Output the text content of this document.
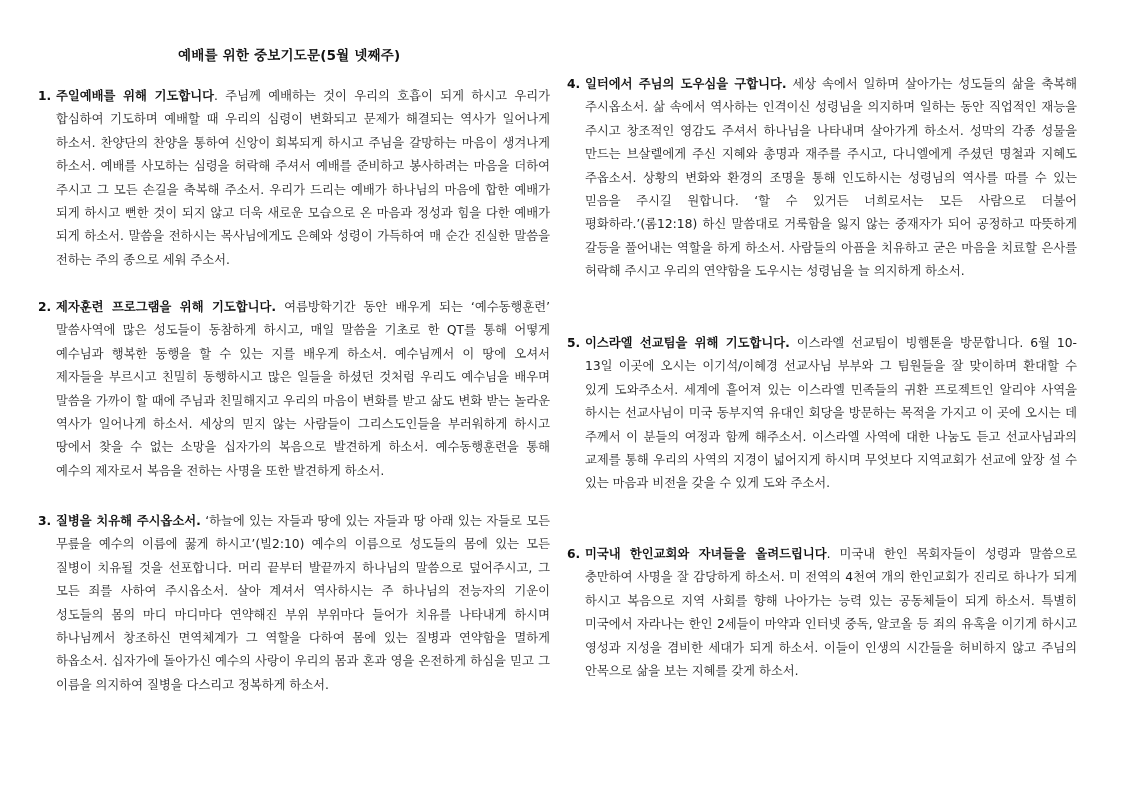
예배를 위한 중보기도문(5월 넷째주)
1. 주일예배를 위해 기도합니다. 주님께 예배하는 것이 우리의 호흡이 되게 하시고 우리가 합심하여 기도하며 예배할 때 우리의 심령이 변화되고 문제가 해결되는 역사가 일어나게 하소서. 찬양단의 찬양을 통하여 신앙이 회복되게 하시고 주님을 갈망하는 마음이 생겨나게 하소서. 예배를 사모하는 심령을 허락해 주셔서 예배를 준비하고 봉사하려는 마음을 더하여 주시고 그 모든 손길을 축복해 주소서. 우리가 드리는 예배가 하나님의 마음에 합한 예배가 되게 하시고 뻔한 것이 되지 않고 더욱 새로운 모습으로 온 마음과 정성과 힘을 다한 예배가 되게 하소서. 말씀을 전하시는 목사님에게도 은혜와 성령이 가득하여 매 순간 진실한 말씀을 전하는 주의 종으로 세워 주소서.
2. 제자훈련 프로그램을 위해 기도합니다. 여름방학기간 동안 배우게 되는 ‘예수동행훈련’ 말씀사역에 많은 성도들이 동참하게 하시고, 매일 말씀을 기초로 한 QT를 통해 어떻게 예수님과 행복한 동행을 할 수 있는 지를 배우게 하소서. 예수님께서 이 땅에 오셔서 제자들을 부르시고 친밀히 동행하시고 많은 일들을 하셨던 것처럼 우리도 예수님을 배우며 말씀을 가까이 할 때에 주님과 친밀해지고 우리의 마음이 변화를 받고 삶도 변화 받는 놀라운 역사가 일어나게 하소서. 세상의 믿지 않는 사람들이 그리스도인들을 부러워하게 하시고 땅에서 찾을 수 없는 소망을 십자가의 복음으로 발견하게 하소서. 예수동행훈련을 통해 예수의 제자로서 복음을 전하는 사명을 또한 발견하게 하소서.
3. 질병을 치유해 주시옵소서. ‘하늘에 있는 자들과 땅에 있는 자들과 땅 아래 있는 자들로 모든 무릎을 예수의 이름에 꿇게 하시고’(빌2:10) 예수의 이름으로 성도들의 몸에 있는 모든 질병이 치유될 것을 선포합니다. 머리 끝부터 발끝까지 하나님의 말씀으로 덮어주시고, 그 모든 죄를 사하여 주시옵소서. 살아 계셔서 역사하시는 주 하나님의 전능자의 기운이 성도들의 몸의 마디 마디마다 연약해진 부위 부위마다 들어가 치유를 나타내게 하시며 하나님께서 창조하신 면역체계가 그 역할을 다하여 몸에 있는 질병과 연약함을 멸하게 하옵소서. 십자가에 돌아가신 예수의 사랑이 우리의 몸과 혼과 영을 온전하게 하심을 믿고 그 이름을 의지하여 질병을 다스리고 정복하게 하소서.
4. 일터에서 주님의 도우심을 구합니다. 세상 속에서 일하며 살아가는 성도들의 삶을 축복해 주시옵소서. 삶 속에서 역사하는 인격이신 성령님을 의지하며 일하는 동안 직업적인 재능을 주시고 창조적인 영감도 주셔서 하나님을 나타내며 살아가게 하소서. 성막의 각종 성물을 만드는 브살렐에게 주신 지혜와 총명과 재주를 주시고, 다니엘에게 주셨던 명철과 지혜도 주옵소서. 상황의 변화와 환경의 조명을 통해 인도하시는 성령님의 역사를 따를 수 있는 믿음을 주시길 원합니다. ‘할 수 있거든 너희로서는 모든 사람으로 더불어 평화하라.’(롬12:18) 하신 말씀대로 거룩함을 잃지 않는 중재자가 되어 공정하고 따뜻하게 갈등을 풀어내는 역할을 하게 하소서. 사람들의 아픔을 치유하고 굳은 마음을 치료할 은사를 허락해 주시고 우리의 연약함을 도우시는 성령님을 늘 의지하게 하소서.
5. 이스라엘 선교팀을 위해 기도합니다. 이스라엘 선교팀이 빙햄톤을 방문합니다. 6월 10-13일 이곳에 오시는 이기석/이혜경 선교사님 부부와 그 팀원들을 잘 맞이하며 환대할 수 있게 도와주소서. 세계에 흩어져 있는 이스라엘 민족들의 귀환 프로젝트인 알리야 사역을 하시는 선교사님이 미국 동부지역 유대인 회당을 방문하는 목적을 가지고 이 곳에 오시는 데 주께서 이 분들의 여정과 함께 해주소서. 이스라엘 사역에 대한 나눔도 듣고 선교사님과의 교제를 통해 우리의 사역의 지경이 넓어지게 하시며 무엇보다 지역교회가 선교에 앞장 설 수 있는 마음과 비전을 갖을 수 있게 도와 주소서.
6. 미국내 한인교회와 자녀들을 올려드립니다. 미국내 한인 목회자들이 성령과 말씀으로 충만하여 사명을 잘 감당하게 하소서. 미 전역의 4천여 개의 한인교회가 진리로 하나가 되게 하시고 복음으로 지역 사회를 향해 나아가는 능력 있는 공동체들이 되게 하소서. 특별히 미국에서 자라나는 한인 2세들이 마약과 인터넷 중독, 알코올 등 죄의 유혹을 이기게 하시고 영성과 지성을 겸비한 세대가 되게 하소서. 이들이 인생의 시간들을 허비하지 않고 주님의 안목으로 삶을 보는 지혜를 갖게 하소서.
